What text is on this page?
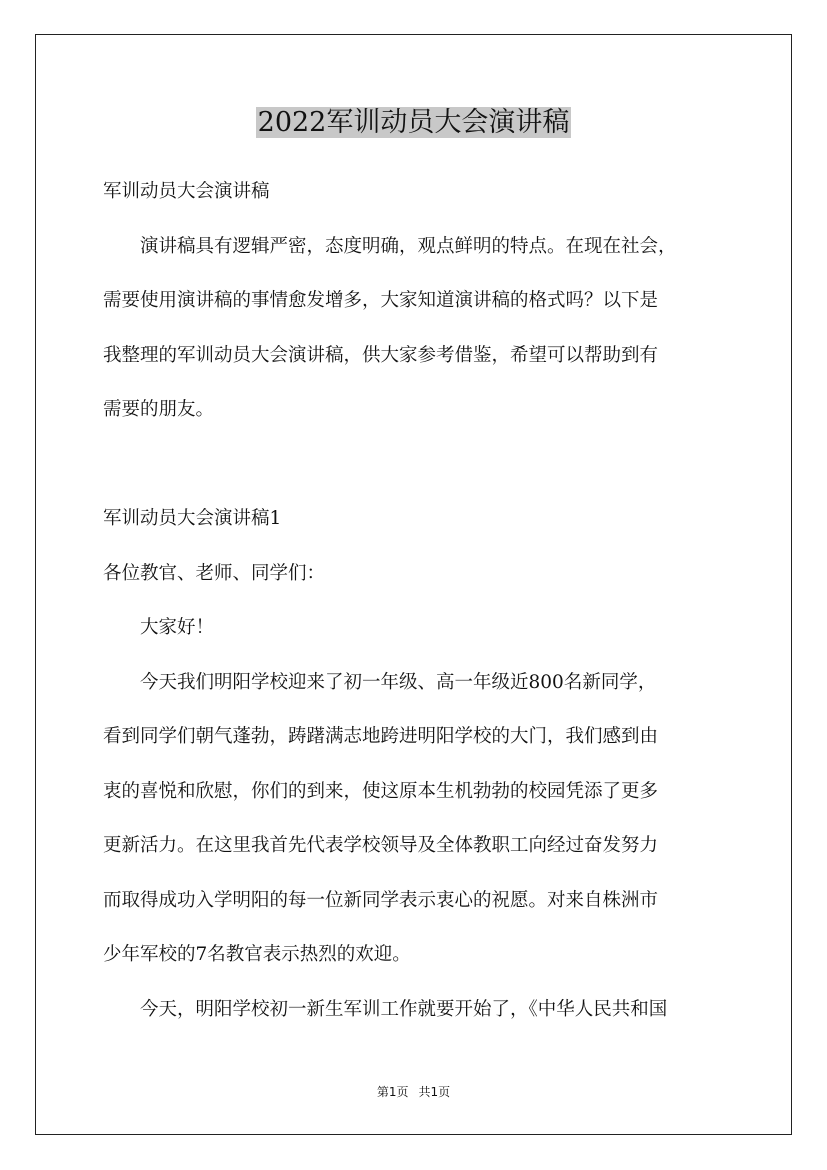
2022军训动员大会演讲稿

军训动员大会演讲稿

演讲稿具有逻辑严密，态度明确，观点鲜明的特点。在现在社会，

需要使用演讲稿的事情愈发增多，大家知道演讲稿的格式吗？以下是

我整理的军训动员大会演讲稿，供大家参考借鉴，希望可以帮助到有

需要的朋友。

军训动员大会演讲稿1

各位教官、老师、同学们：

大家好！

今天我们明阳学校迎来了初一年级、高一年级近800名新同学，

看到同学们朝气蓬勃，踌躇满志地跨进明阳学校的大门，我们感到由

衷的喜悦和欣慰，你们的到来，使这原本生机勃勃的校园凭添了更多

更新活力。在这里我首先代表学校领导及全体教职工向经过奋发努力

而取得成功入学明阳的每一位新同学表示衷心的祝愿。对来自株洲市

少年军校的7名教官表示热烈的欢迎。

今天，明阳学校初一新生军训工作就要开始了，《中华人民共和国

第1页 共1页
